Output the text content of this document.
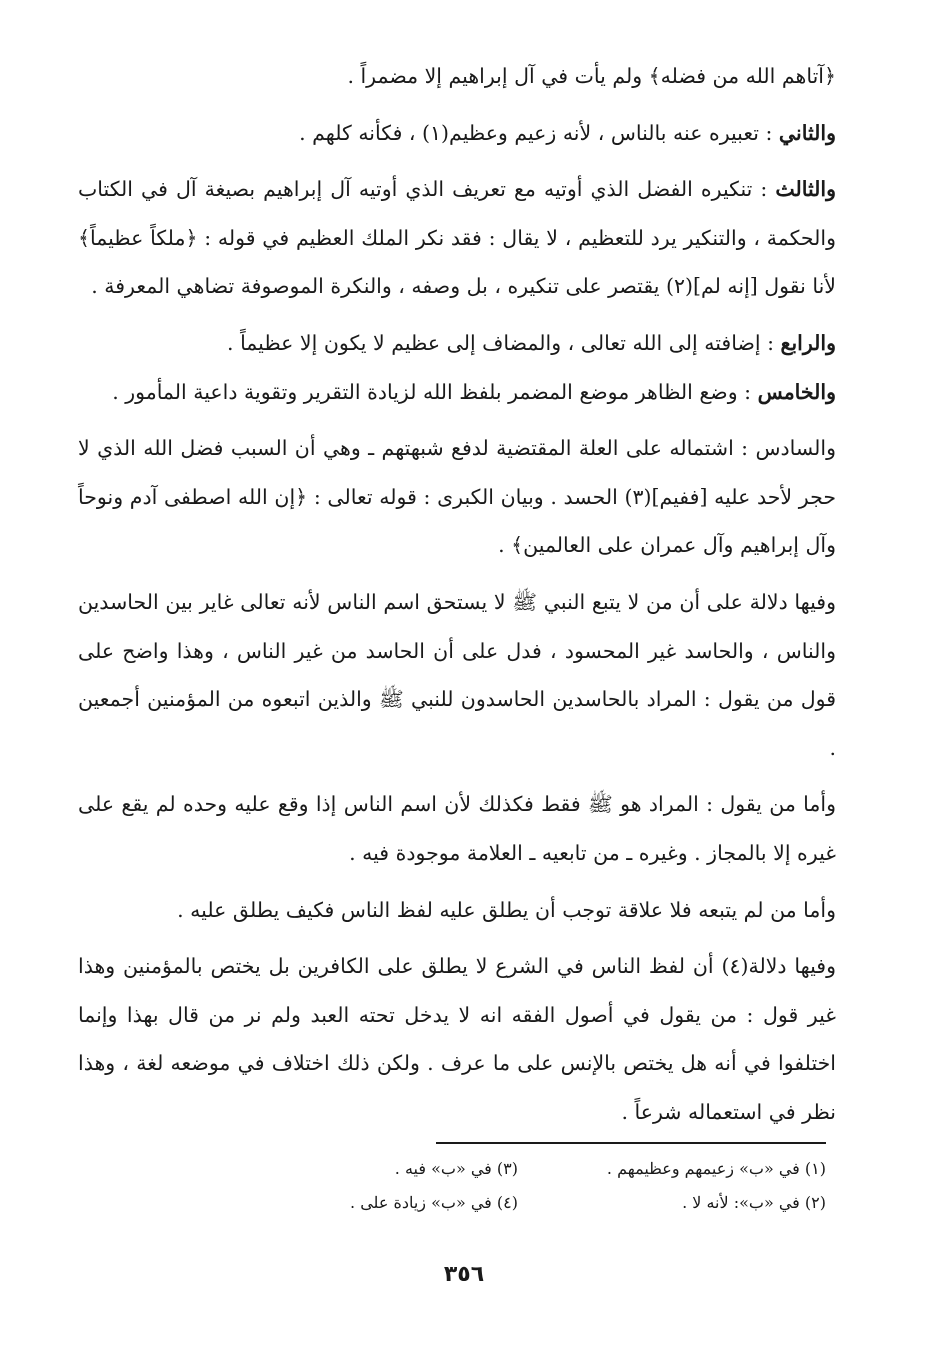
﴿آتاهم الله من فضله﴾ ولم يأت في آل إبراهيم إلا مضمراً .

والثاني : تعبيره عنه بالناس ، لأنه زعيم وعظيم(١) ، فكأنه كلهم .

والثالث : تنكيره الفضل الذي أوتيه مع تعريف الذي أوتيه آل إبراهيم بصيغة آل في الكتاب والحكمة ، والتنكير يرد للتعظيم ، لا يقال : فقد نكر الملك العظيم في قوله : ﴿ملكاً عظيماً﴾ لأنا نقول [إنه لم](٢) يقتصر على تنكيره ، بل وصفه ، والنكرة الموصوفة تضاهي المعرفة .

والرابع : إضافته إلى الله تعالى ، والمضاف إلى عظيم لا يكون إلا عظيماً .

والخامس : وضع الظاهر موضع المضمر بلفظ الله لزيادة التقرير وتقوية داعية المأمور .

والسادس : اشتماله على العلة المقتضية لدفع شبهتهم ـ وهي أن السبب فضل الله الذي لا حجر لأحد عليه [ففيم](٣) الحسد . وبيان الكبرى : قوله تعالى : ﴿إن الله اصطفى آدم ونوحاً وآل إبراهيم وآل عمران على العالمين﴾ .

وفيها دلالة على أن من لا يتبع النبي ﷺ لا يستحق اسم الناس لأنه تعالى غاير بين الحاسدين والناس ، والحاسد غير المحسود ، فدل على أن الحاسد من غير الناس ، وهذا واضح على قول من يقول : المراد بالحاسدين الحاسدون للنبي ﷺ والذين اتبعوه من المؤمنين أجمعين .

وأما من يقول : المراد هو ﷺ فقط فكذلك لأن اسم الناس إذا وقع عليه وحده لم يقع على غيره إلا بالمجاز . وغيره ـ من تابعيه ـ العلامة موجودة فيه .

وأما من لم يتبعه فلا علاقة توجب أن يطلق عليه لفظ الناس فكيف يطلق عليه .

وفيها دلالة(٤) أن لفظ الناس في الشرع لا يطلق على الكافرين بل يختص بالمؤمنين وهذا غير قول : من يقول في أصول الفقه انه لا يدخل تحته العبد ولم نر من قال بهذا وإنما اختلفوا في أنه هل يختص بالإنس على ما عرف . ولكن ذلك اختلاف في موضعه لغة ، وهذا نظر في استعماله شرعاً .

(١) في «ب» زعيمهم وعظيمهم .
(٣) في «ب» فيه .
(٢) في «ب»: لأنه لا .
(٤) في «ب» زيادة على .
٣٥٦
